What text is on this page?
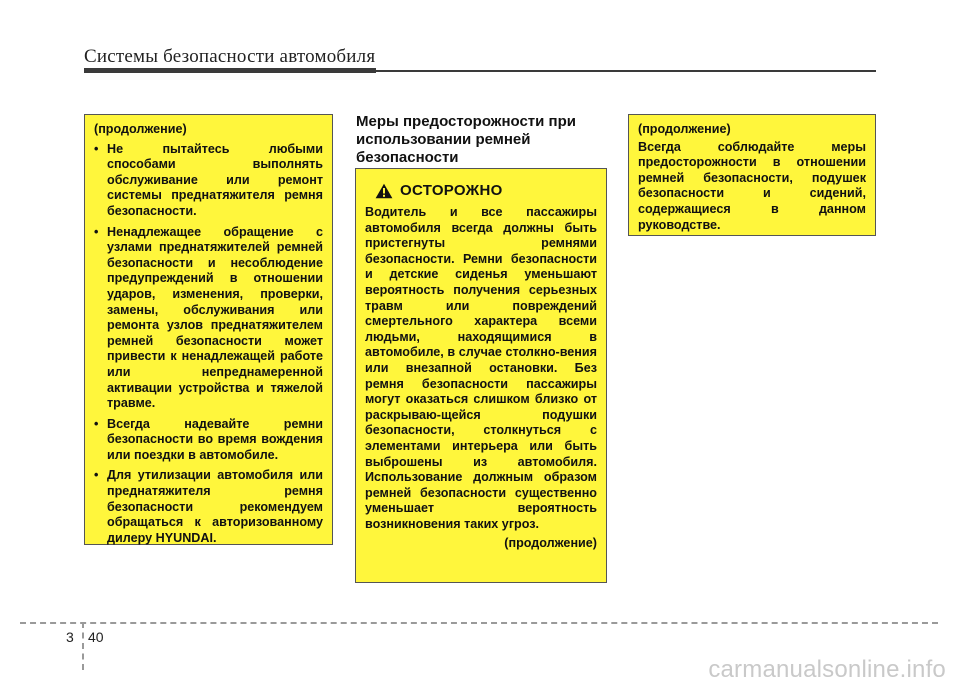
Системы безопасности автомобиля

(продолжение)

• Не пытайтесь любыми способами выполнять обслуживание или ремонт системы преднатяжителя ремня безопасности.
• Ненадлежащее обращение с узлами преднатяжителей ремней безопасности и несоблюдение предупреждений в отношении ударов, изменения, проверки, замены, обслуживания или ремонта узлов преднатяжителем ремней безопасности может привести к ненадлежащей работе или непреднамеренной активации устройства и тяжелой травме.
• Всегда надевайте ремни безопасности во время вождения или поездки в автомобиле.
• Для утилизации автомобиля или преднатяжителя ремня безопасности рекомендуем обращаться к авторизованному дилеру HYUNDAI.
Меры предосторожности при использовании ремней безопасности
ОСТОРОЖНО

Водитель и все пассажиры автомобиля всегда должны быть пристегнуты ремнями безопасности. Ремни безопасности и детские сиденья уменьшают вероятность получения серьезных травм или повреждений смертельного характера всеми людьми, находящимися в автомобиле, в случае столкно-вения или внезапной остановки. Без ремня безопасности пассажиры могут оказаться слишком близко от раскрываю-щейся подушки безопасности, столкнуться с элементами интерьера или быть выброшены из автомобиля. Использование должным образом ремней безопасности существенно уменьшает вероятность возникновения таких угроз.

(продолжение)

(продолжение)

Всегда соблюдайте меры предосторожности в отношении ремней безопасности, подушек безопасности и сидений, содержащиеся в данном руководстве.

3 40
carmanualsonline.info
